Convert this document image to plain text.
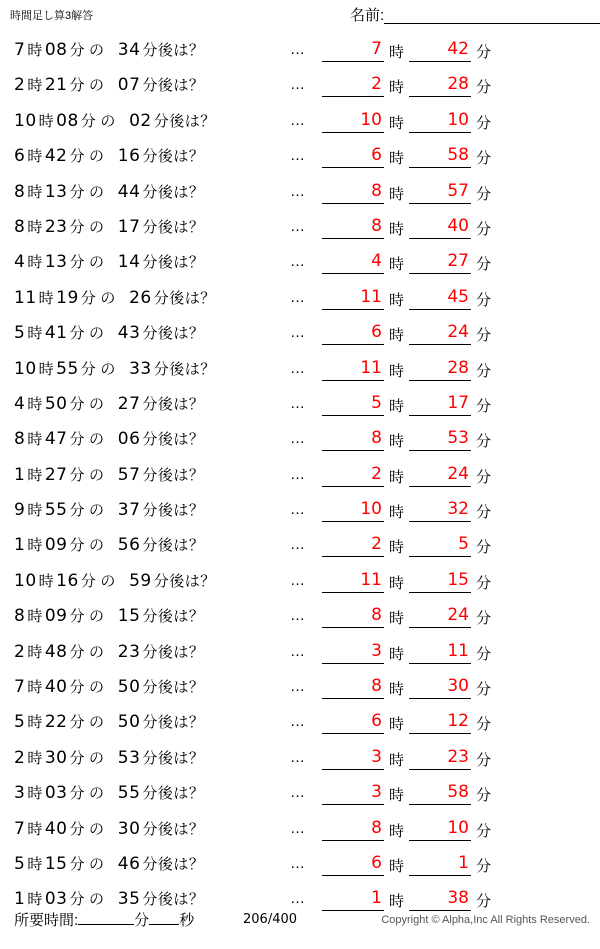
時間足し算3解答	名前:
7 時 08 分 の 34 分後は？	…	7 時	42 分
2 時 21 分 の 07 分後は？	…	2 時	28 分
10 時 08 分 の 02 分後は？	…	10 時	10 分
6 時 42 分 の 16 分後は？	…	6 時	58 分
8 時 13 分 の 44 分後は？	…	8 時	57 分
8 時 23 分 の 17 分後は？	…	8 時	40 分
4 時 13 分 の 14 分後は？	…	4 時	27 分
11 時 19 分 の 26 分後は？	…	11 時	45 分
5 時 41 分 の 43 分後は？	…	6 時	24 分
10 時 55 分 の 33 分後は？	…	11 時	28 分
4 時 50 分 の 27 分後は？	…	5 時	17 分
8 時 47 分 の 06 分後は？	…	8 時	53 分
1 時 27 分 の 57 分後は？	…	2 時	24 分
9 時 55 分 の 37 分後は？	…	10 時	32 分
1 時 09 分 の 56 分後は？	…	2 時	5 分
10 時 16 分 の 59 分後は？	…	11 時	15 分
8 時 09 分 の 15 分後は？	…	8 時	24 分
2 時 48 分 の 23 分後は？	…	3 時	11 分
7 時 40 分 の 50 分後は？	…	8 時	30 分
5 時 22 分 の 50 分後は？	…	6 時	12 分
2 時 30 分 の 53 分後は？	…	3 時	23 分
3 時 03 分 の 55 分後は？	…	3 時	58 分
7 時 40 分 の 30 分後は？	…	8 時	10 分
5 時 15 分 の 46 分後は？	…	6 時	1 分
1 時 03 分 の 35 分後は？	…	1 時	38 分
所要時間:	分 秒	206/400	Copyright © Alpha,Inc All Rights Reserved.
